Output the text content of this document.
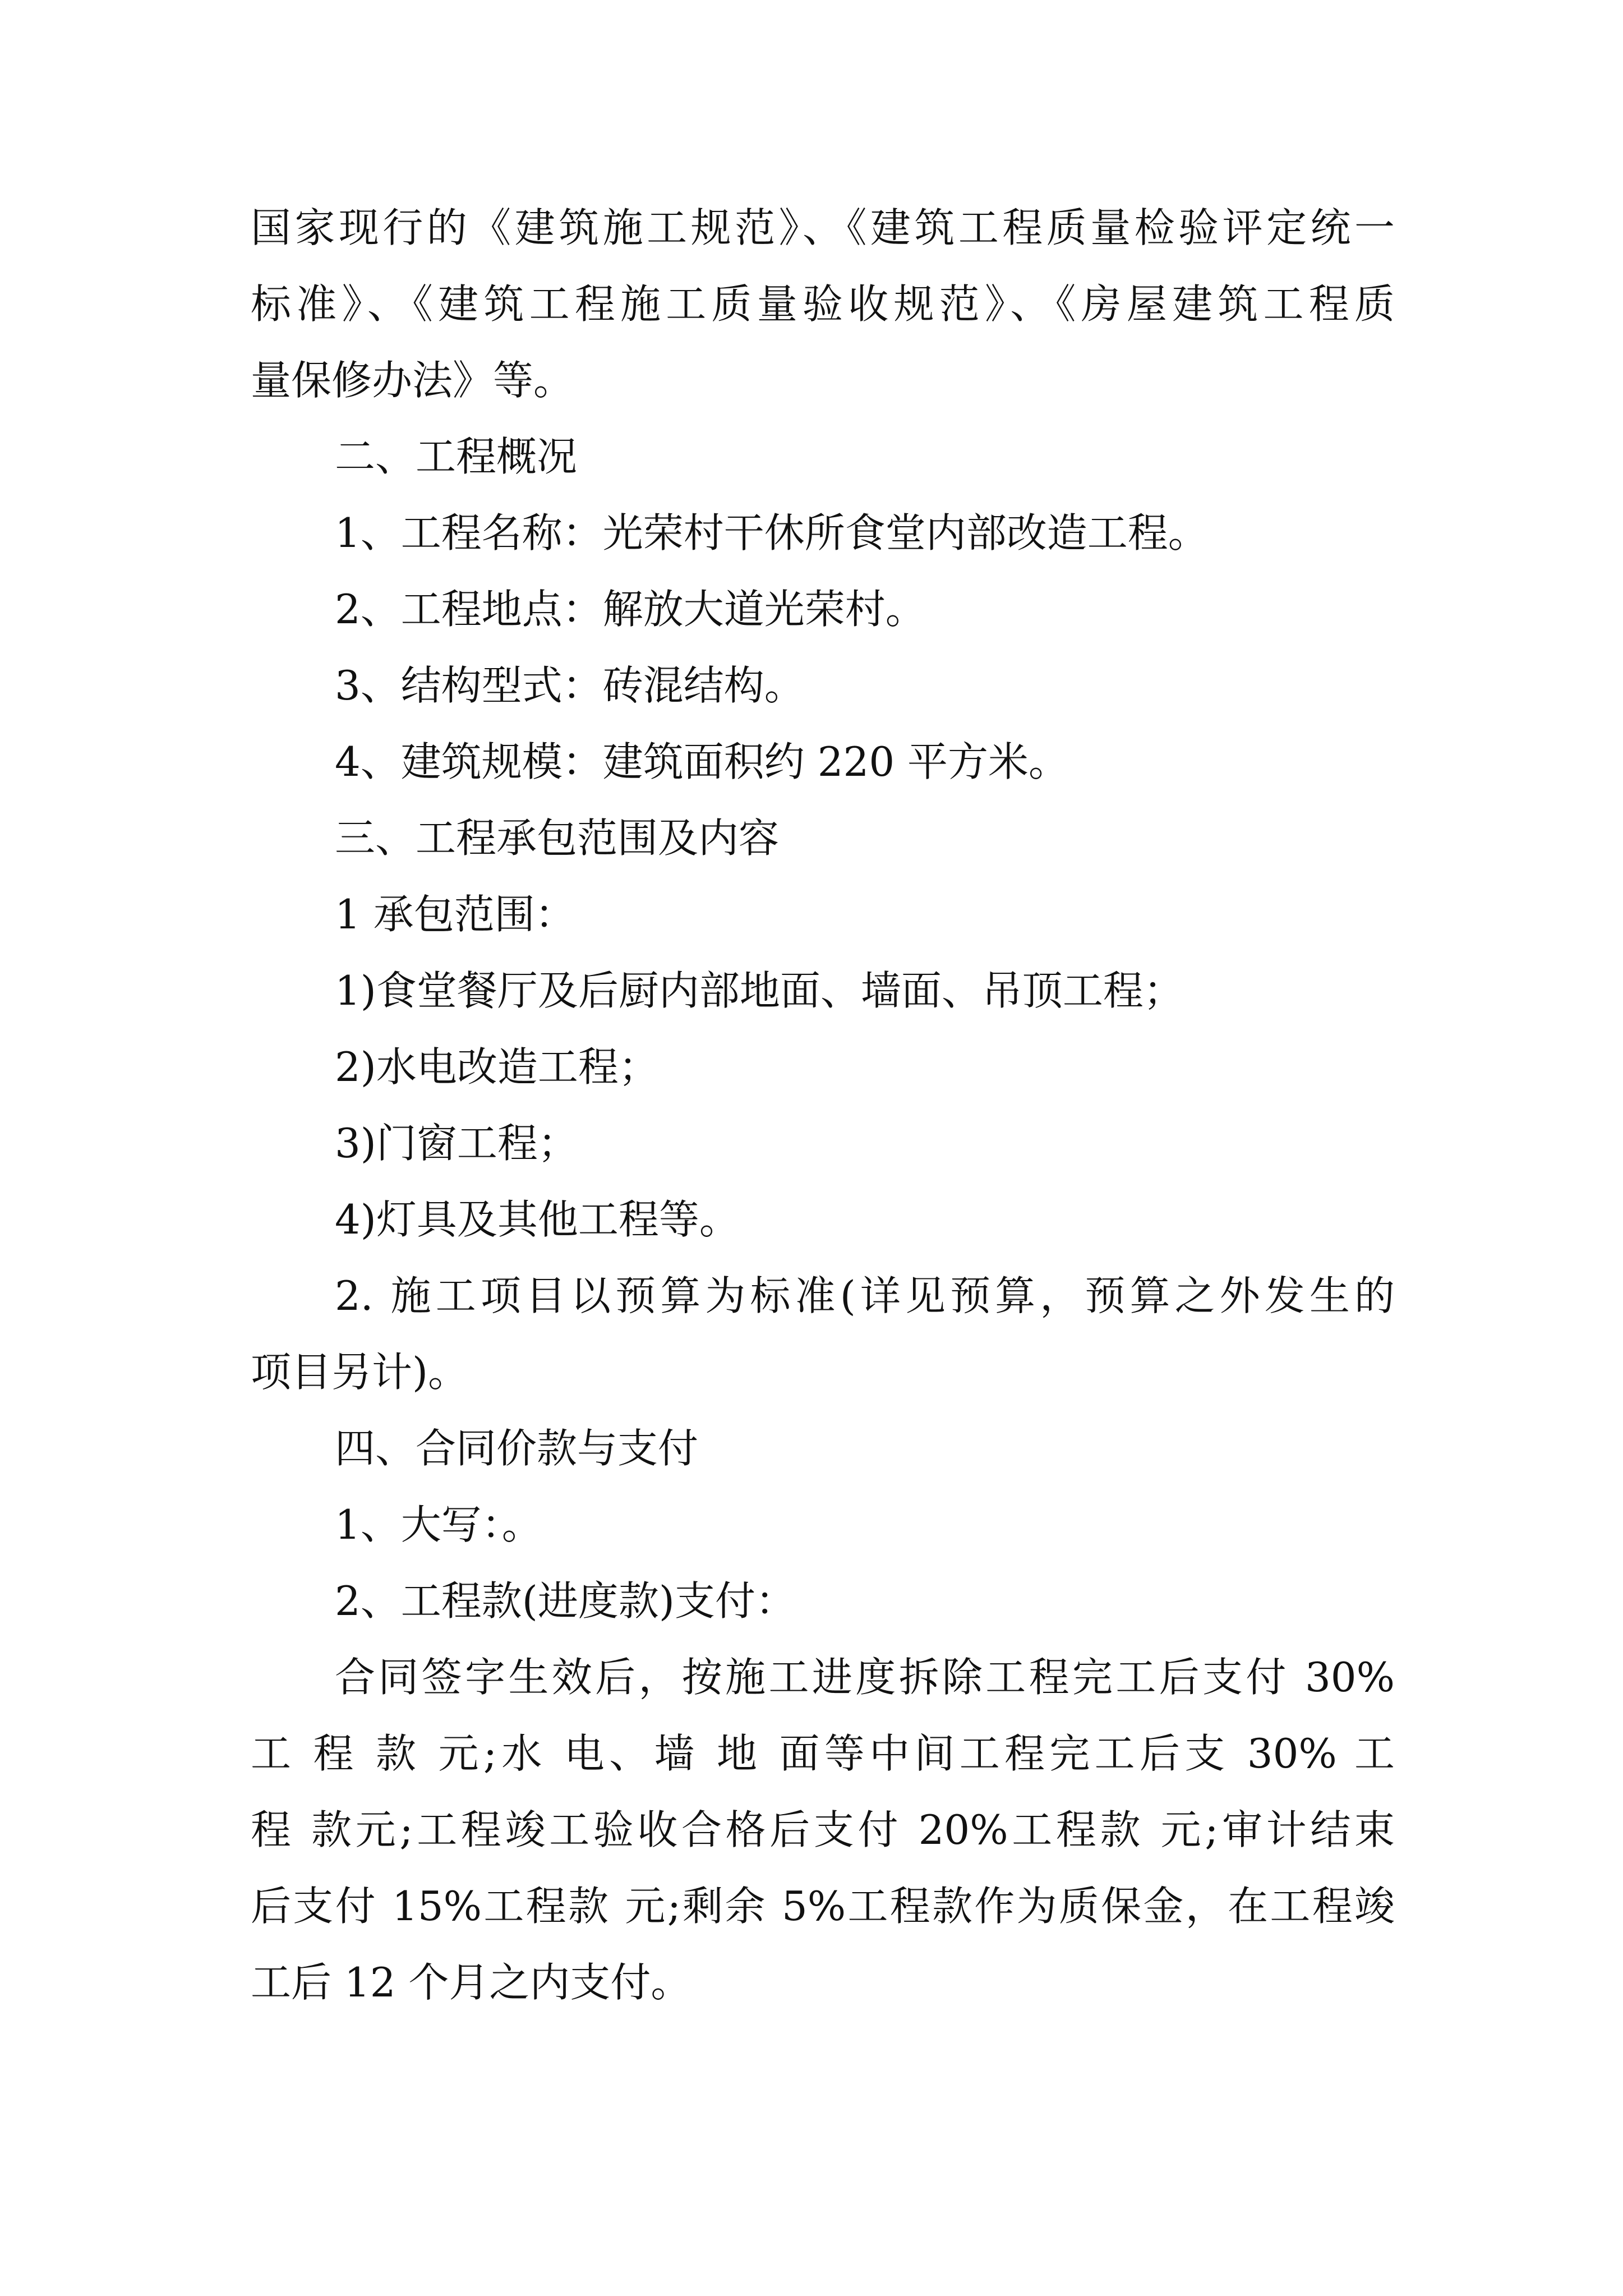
国家现行的《建筑施工规范》、《建筑工程质量检验评定统一
标准》、《建筑工程施工质量验收规范》、《房屋建筑工程质
量保修办法》等。
二、工程概况
1、工程名称：光荣村干休所食堂内部改造工程。
2、工程地点：解放大道光荣村。
3、结构型式：砖混结构。
4、建筑规模：建筑面积约 220 平方米。
三、工程承包范围及内容
1 承包范围：
1)食堂餐厅及后厨内部地面、墙面、吊顶工程；
2)水电改造工程；
3)门窗工程；
4)灯具及其他工程等。
2. 施工项目以预算为标准(详见预算，预算之外发生的
项目另计)。
四、合同价款与支付
1、大写：。
2、工程款(进度款)支付：
合同签字生效后，按施工进度拆除工程完工后支付 30%
工 程 款 元;水 电、墙 地 面等中间工程完工后支 30% 工
程 款元;工程竣工验收合格后支付 20%工程款 元;审计结束
后支付 15%工程款 元;剩余 5%工程款作为质保金，在工程竣
工后 12 个月之内支付。
